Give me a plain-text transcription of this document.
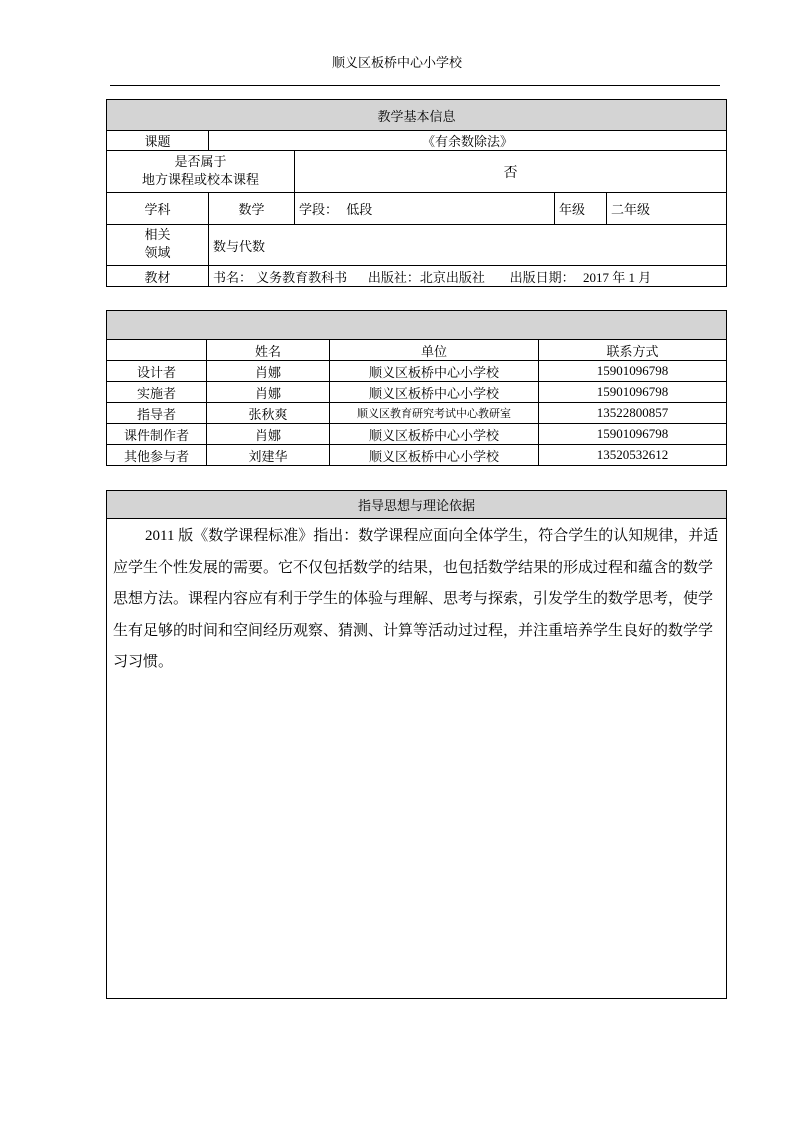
顺义区板桥中心小学校
教学基本信息				
课题	《有余数除法》			

是否属于
地方课程或校本课程		否		
学科	数学	学段： 低段	年级	二年级

相关
领域	数与代数			
教材	书名： 义务教育教科书 出版社：北京出版社 出版日期： 2017 年 1 月			

	姓名	单位	联系方式
设计者	肖娜	顺义区板桥中心小学校	15901096798
实施者	肖娜	顺义区板桥中心小学校	15901096798
指导者	张秋爽	顺义区教育研究考试中心教研室	13522800857
课件制作者	肖娜	顺义区板桥中心小学校	15901096798
其他参与者	刘建华	顺义区板桥中心小学校	13520532612
指导思想与理论依据
2011 版《数学课程标准》指出：数学课程应面向全体学生，符合学生的认知规律，并适应学生个性发展的需要。它不仅包括数学的结果，也包括数学结果的形成过程和蕴含的数学思想方法。课程内容应有利于学生的体验与理解、思考与探索，引发学生的数学思考，使学生有足够的时间和空间经历观察、猜测、计算等活动过过程，并注重培养学生良好的数学学习习惯。
